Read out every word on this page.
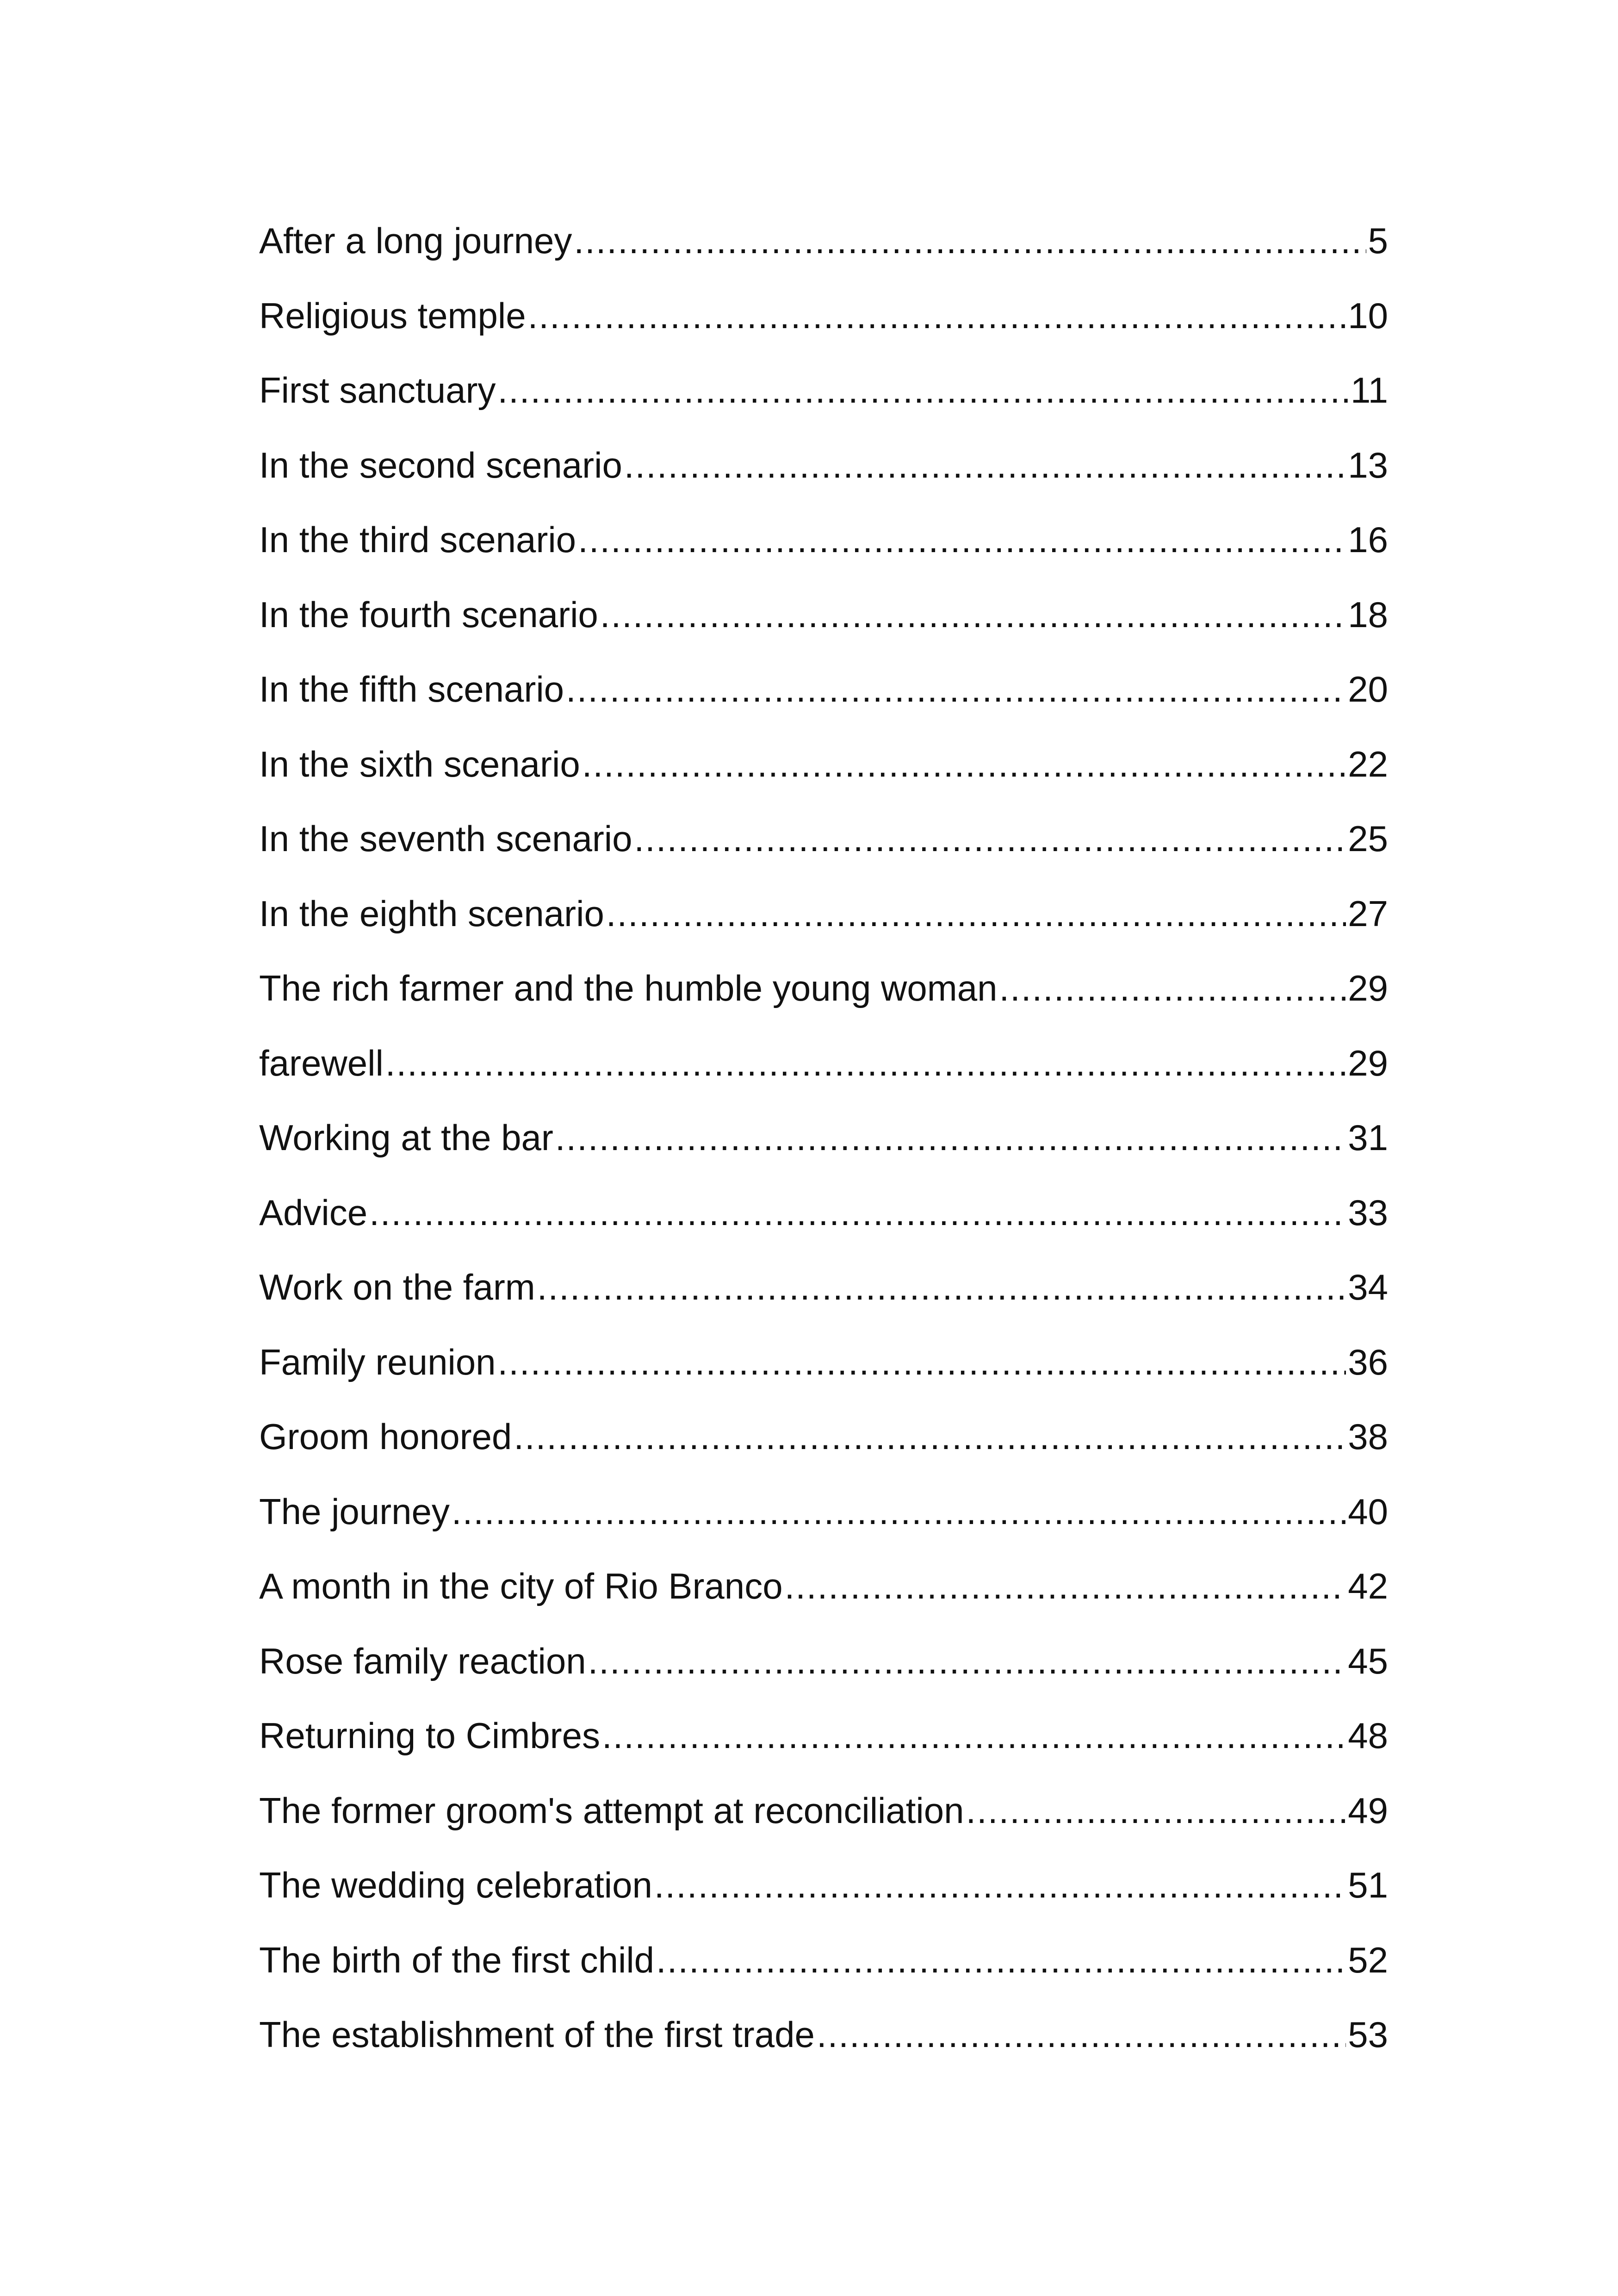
After a long journey .....	5
Religious temple .....	10
First sanctuary .....	11
In the second scenario .....	13
In the third scenario .....	16
In the fourth scenario .....	18
In the fifth scenario .....	20
In the sixth scenario .....	22
In the seventh scenario .....	25
In the eighth scenario .....	27
The rich farmer and the humble young woman .....	29
farewell .....	29
Working at the bar .....	31
Advice .....	33
Work on the farm .....	34
Family reunion .....	36
Groom honored .....	38
The journey .....	40
A month in the city of Rio Branco .....	42
Rose family reaction .....	45
Returning to Cimbres .....	48
The former groom's attempt at reconciliation .....	49
The wedding celebration .....	51
The birth of the first child .....	52
The establishment of the first trade .....	53
